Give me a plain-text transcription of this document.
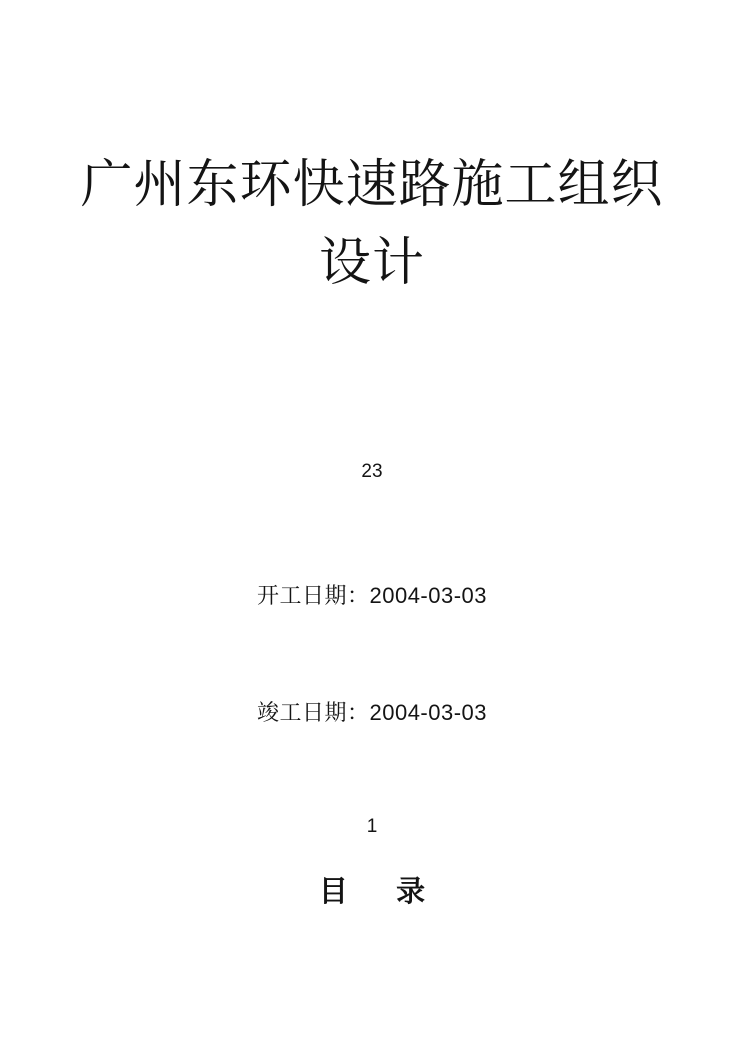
广州东环快速路施工组织
设计
23
开工日期：2004-03-03
竣工日期：2004-03-03
1
目      录
